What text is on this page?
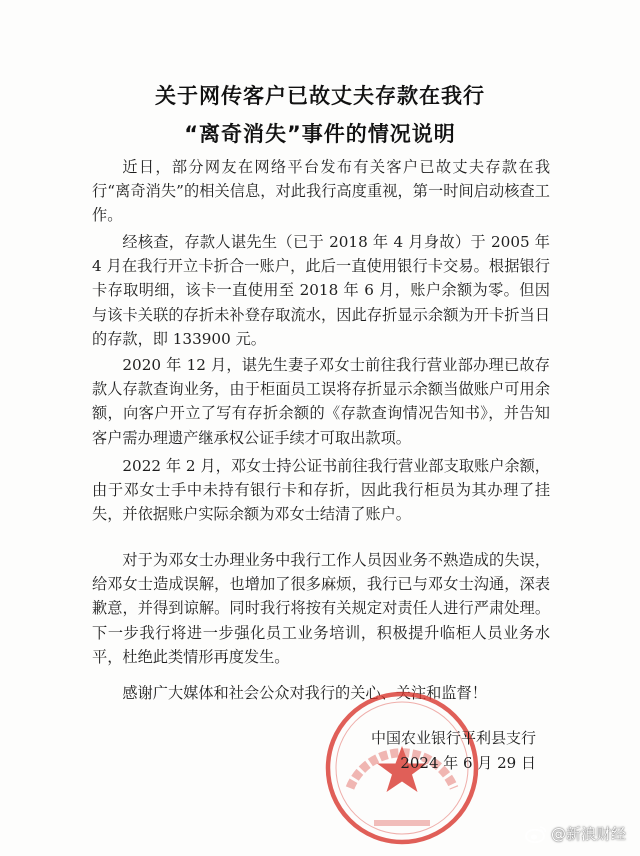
关于网传客户已故丈夫存款在我行
“离奇消失”事件的情况说明
近日，部分网友在网络平台发布有关客户已故丈夫存款在我行“离奇消失”的相关信息，对此我行高度重视，第一时间启动核查工作。
经核查，存款人谌先生（已于 2018 年 4 月身故）于 2005 年 4 月在我行开立卡折合一账户，此后一直使用银行卡交易。根据银行卡存取明细，该卡一直使用至 2018 年 6 月，账户余额为零。但因与该卡关联的存折未补登存取流水，因此存折显示余额为开卡折当日的存款，即 133900 元。
2020 年 12 月，谌先生妻子邓女士前往我行营业部办理已故存款人存款查询业务，由于柜面员工误将存折显示余额当做账户可用余额，向客户开立了写有存折余额的《存款查询情况告知书》，并告知客户需办理遗产继承权公证手续才可取出款项。
2022 年 2 月，邓女士持公证书前往我行营业部支取账户余额，由于邓女士手中未持有银行卡和存折，因此我行柜员为其办理了挂失，并依据账户实际余额为邓女士结清了账户。
对于为邓女士办理业务中我行工作人员因业务不熟造成的失误，给邓女士造成误解，也增加了很多麻烦，我行已与邓女士沟通，深表歉意，并得到谅解。同时我行将按有关规定对责任人进行严肃处理。下一步我行将进一步强化员工业务培训，积极提升临柜人员业务水平，杜绝此类情形再度发生。
感谢广大媒体和社会公众对我行的关心、关注和监督！
中国农业银行平利县支行
2024 年 6 月 29 日
@新浪财经
